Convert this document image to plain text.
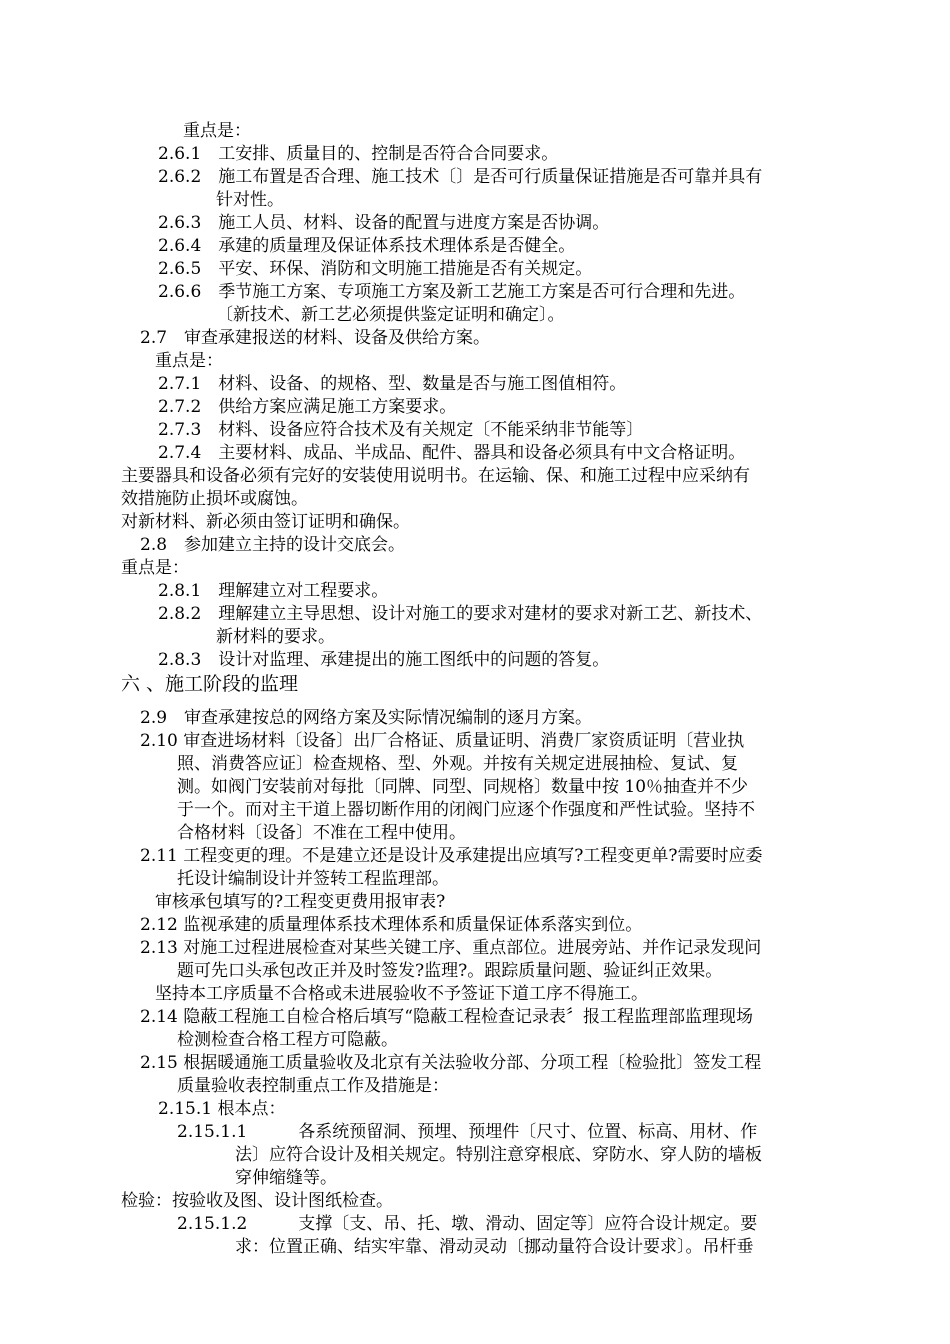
重点是：
2.6.1　工安排、质量目的、控制是否符合合同要求。
2.6.2　施工布置是否合理、施工技术〔〕是否可行质量保证措施是否可靠并具有
针对性。
2.6.3　施工人员、材料、设备的配置与进度方案是否协调。
2.6.4　承建的质量理及保证体系技术理体系是否健全。
2.6.5　平安、环保、消防和文明施工措施是否有关规定。
2.6.6　季节施工方案、专项施工方案及新工艺施工方案是否可行合理和先进。
〔新技术、新工艺必须提供鉴定证明和确定〕。
2.7　审查承建报送的材料、设备及供给方案。
重点是：
2.7.1　材料、设备、的规格、型、数量是否与施工图值相符。
2.7.2　供给方案应满足施工方案要求。
2.7.3　材料、设备应符合技术及有关规定〔不能采纳非节能等〕
2.7.4　主要材料、成品、半成品、配件、器具和设备必须具有中文合格证明。
主要器具和设备必须有完好的安装使用说明书。在运输、保、和施工过程中应采纳有
效措施防止损坏或腐蚀。
对新材料、新必须由签订证明和确保。
2.8　参加建立主持的设计交底会。
重点是：
2.8.1　理解建立对工程要求。
2.8.2　理解建立主导思想、设计对施工的要求对建材的要求对新工艺、新技术、
新材料的要求。
2.8.3　设计对监理、承建提出的施工图纸中的问题的答复。
六 、施工阶段的监理
2.9　审查承建按总的网络方案及实际情况编制的逐月方案。
2.10 审查进场材料〔设备〕出厂合格证、质量证明、消费厂家资质证明〔营业执
照、消费答应证〕检查规格、型、外观。并按有关规定进展抽检、复试、复
测。如阀门安装前对每批〔同牌、同型、同规格〕数量中按 10％抽查并不少
于一个。而对主干道上器切断作用的闭阀门应逐个作强度和严性试验。坚持不
合格材料〔设备〕不准在工程中使用。
2.11 工程变更的理。不是建立还是设计及承建提出应填写?工程变更单?需要时应委
托设计编制设计并签转工程监理部。
审核承包填写的?工程变更费用报审表?
2.12 监视承建的质量理体系技术理体系和质量保证体系落实到位。
2.13 对施工过程进展检查对某些关键工序、重点部位。进展旁站、并作记录发现问
题可先口头承包改正并及时签发?监理?。跟踪质量问题、验证纠正效果。
坚持本工序质量不合格或未进展验收不予签证下道工序不得施工。
2.14 隐蔽工程施工自检合格后填写“隐蔽工程检查记录表〞报工程监理部监理现场
检测检查合格工程方可隐蔽。
2.15 根据暖通施工质量验收及北京有关法验收分部、分项工程〔检验批〕签发工程
质量验收表控制重点工作及措施是：
2.15.1 根本点：
2.15.1.1　　　各系统预留洞、预埋、预埋件〔尺寸、位置、标高、用材、作
法〕应符合设计及相关规定。特别注意穿根底、穿防水、穿人防的墙板
穿伸缩缝等。
检验：按验收及图、设计图纸检查。
2.15.1.2　　　支撑〔支、吊、托、墩、滑动、固定等〕应符合设计规定。要
求：位置正确、结实牢靠、滑动灵动〔挪动量符合设计要求〕。吊杆垂
